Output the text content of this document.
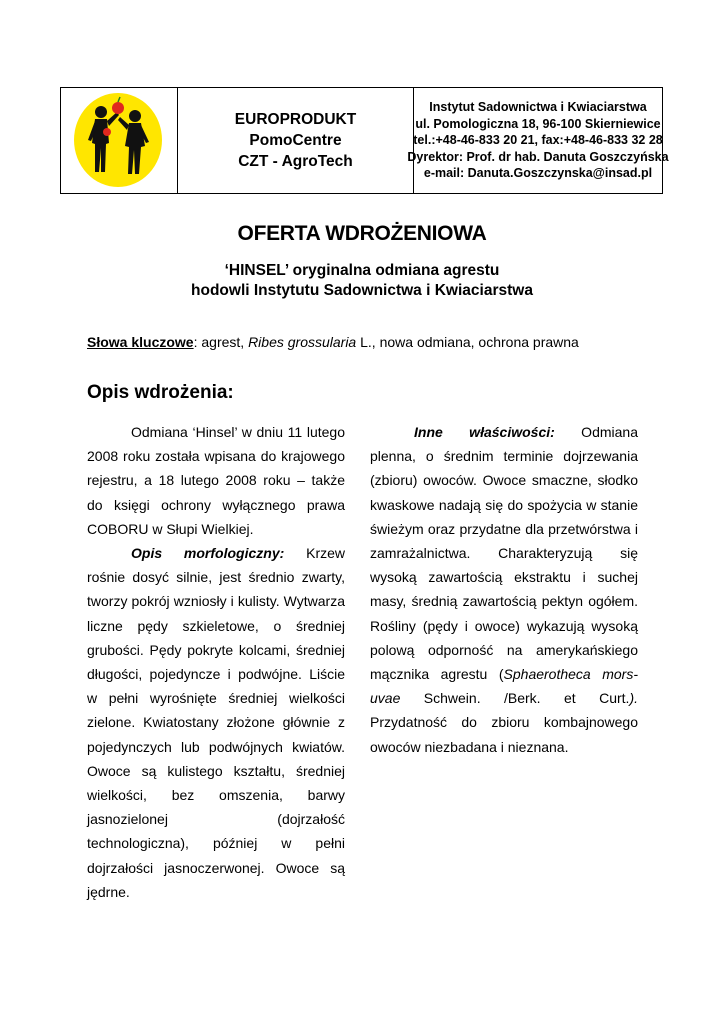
EUROPRODUKT
PomoCentre
CZT - AgroTech
Instytut Sadownictwa i Kwiaciarstwa
ul. Pomologiczna 18, 96-100 Skierniewice
tel.:+48-46-833 20 21, fax:+48-46-833 32 28
Dyrektor: Prof. dr hab. Danuta Goszczyńska
e-mail: Danuta.Goszczynska@insad.pl
OFERTA WDROŻENIOWA
‘HINSEL’ oryginalna odmiana agrestu
hodowli Instytutu Sadownictwa i Kwiaciarstwa
Słowa kluczowe: agrest, Ribes grossularia L., nowa odmiana, ochrona prawna
Opis wdrożenia:

Odmiana ‘Hinsel’ w dniu 11 lutego 2008 roku została wpisana do krajowego rejestru, a 18 lutego 2008 roku – także do księgi ochrony wyłącznego prawa COBORU w Słupi Wielkiej.

Opis morfologiczny: Krzew rośnie dosyć silnie, jest średnio zwarty, tworzy pokrój wzniosły i kulisty. Wytwarza liczne pędy szkieletowe, o średniej grubości. Pędy pokryte kolcami, średniej długości, pojedyncze i podwójne. Liście w pełni wyrośnięte średniej wielkości zielone. Kwiatostany złożone głównie z pojedynczych lub podwójnych kwiatów. Owoce są kulistego kształtu, średniej wielkości, bez omszenia, barwy jasnozielonej (dojrzałość technologiczna), później w pełni dojrzałości jasnoczerwonej. Owoce są jędrne.

Inne właściwości: Odmiana plenna, o średnim terminie dojrzewania (zbioru) owoców. Owoce smaczne, słodko kwaskowe nadają się do spożycia w stanie świeżym oraz przydatne dla przetwórstwa i zamrażalnictwa. Charakteryzują się wysoką zawartością ekstraktu i suchej masy, średnią zawartością pektyn ogółem. Rośliny (pędy i owoce) wykazują wysoką polową odporność na amerykańskiego mącznika agrestu (Sphaerotheca mors-uvae Schwein. /Berk. et Curt.). Przydatność do zbioru kombajnowego owoców niezbadana i nieznana.
